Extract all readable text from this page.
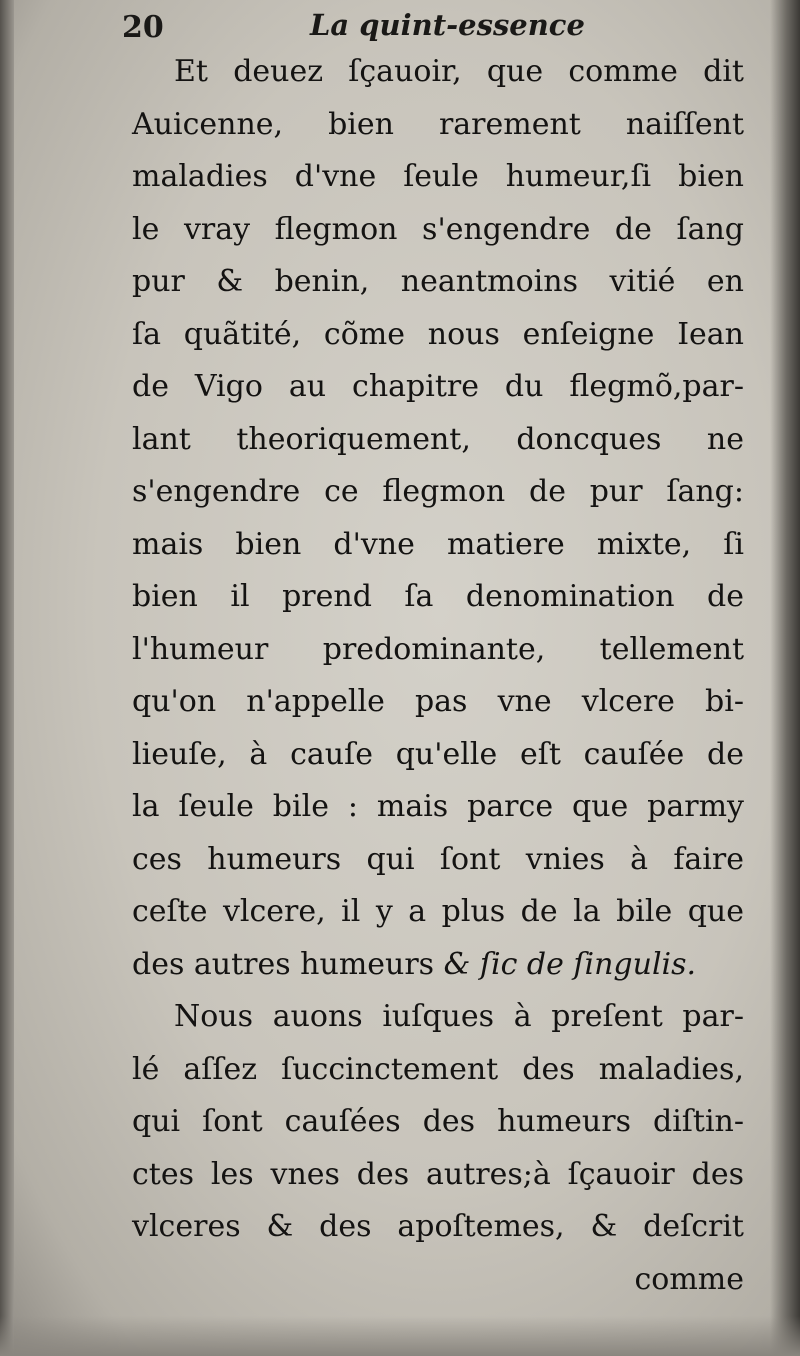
20	La quint-essence
Et deuez ſçauoir, que comme dit
Auicenne, bien rarement naiſſent
maladies d'vne ſeule humeur,ſi bien
le vray flegmon s'engendre de ſang
pur & benin, neantmoins vitié en
ſa quãtité, cõme nous enſeigne Iean
de Vigo au chapitre du flegmõ,par-
lant theoriquement, doncques ne
s'engendre ce flegmon de pur ſang:
mais bien d'vne matiere mixte, ſi
bien il prend ſa denomination de
l'humeur predominante, tellement
qu'on n'appelle pas vne vlcere bi-
lieuſe, à cauſe qu'elle eſt cauſée de
la ſeule bile : mais parce que parmy
ces humeurs qui ſont vnies à faire
ceſte vlcere, il y a plus de la bile que
des autres humeurs & ſic de ſingulis.
Nous auons iuſques à preſent par-
lé aſſez ſuccinctement des maladies,
qui ſont cauſées des humeurs diſtin-
ctes les vnes des autres;à ſçauoir des
vlceres & des apoſtemes, & deſcrit
comme
